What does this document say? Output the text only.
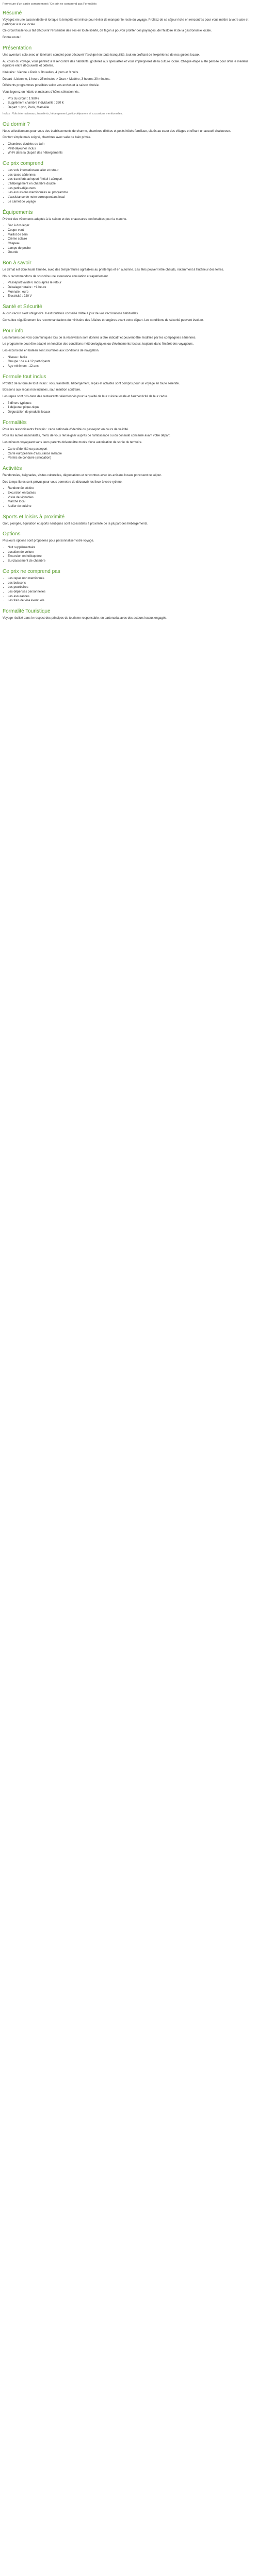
Fermeture d'un partie comprennent / Ce prix ne comprend pas Formalités

Résumé

Voyagez en une saison idéale et lorsque la tempête est mince pour éviter de manquer le reste du voyage. Profitez de ce séjour riche en rencontres pour vous mettre à votre aise et participer à la vie locale.

Ce circuit facile vous fait découvrir l'ensemble des îles en toute liberté, de façon à pouvoir profiter des paysages, de l'histoire et de la gastronomie locale.

Bonne route !

Présentation

Une aventure solo avec un itinéraire complet pour découvrir l'archipel en toute tranquillité, tout en profitant de l'expérience de nos guides locaux.

Au cours du voyage, vous partirez à la rencontre des habitants, goûterez aux spécialités et vous imprégnerez de la culture locale. Chaque étape a été pensée pour offrir le meilleur équilibre entre découverte et détente.

Itinéraire : Vienne > Paris > Bruxelles, 4 jours et 3 nuits.

Départ : Lisbonne, 1 heure 25 minutes > Oran > Madère, 3 heures 30 minutes.

Différents programmes possibles selon vos envies et la saison choisie.

Vous logerez en hôtels et maisons d'hôtes sélectionnés.

• Prix du circuit : 1 980 €
• Supplément chambre individuelle : 320 €
• Départ : Lyon, Paris, Marseille

Inclus : Vols internationaux, transferts, hébergement, petits-déjeuners et excursions mentionnées.

Où dormir ?

Nous sélectionnons pour vous des établissements de charme, chambres d'hôtes et petits hôtels familiaux, situés au cœur des villages et offrant un accueil chaleureux.

Confort simple mais soigné, chambres avec salle de bain privée.

• Chambres doubles ou twin
• Petit-déjeuner inclus
• Wi-Fi dans la plupart des hébergements
Ce prix comprend
• Les vols internationaux aller et retour
• Les taxes aériennes
• Les transferts aéroport / hôtel / aéroport
• L'hébergement en chambre double
• Les petits-déjeuners
• Les excursions mentionnées au programme
• L'assistance de notre correspondant local
• Le carnet de voyage
Équipements

Prévoir des vêtements adaptés à la saison et des chaussures confortables pour la marche.

• Sac à dos léger
• Coupe-vent
• Maillot de bain
• Crème solaire
• Chapeau
• Lampe de poche
• Gourde
Bon à savoir

Le climat est doux toute l'année, avec des températures agréables au printemps et en automne. Les étés peuvent être chauds, notamment à l'intérieur des terres.

Nous recommandons de souscrire une assurance annulation et rapatriement.

• Passeport valide 6 mois après le retour
• Décalage horaire : +1 heure
• Monnaie : euro
• Électricité : 220 V
Santé et Sécurité

Aucun vaccin n'est obligatoire. Il est toutefois conseillé d'être à jour de vos vaccinations habituelles.

Consultez régulièrement les recommandations du ministère des Affaires étrangères avant votre départ. Les conditions de sécurité peuvent évoluer.

Pour info

Les horaires des vols communiqués lors de la réservation sont donnés à titre indicatif et peuvent être modifiés par les compagnies aériennes.

Le programme peut être adapté en fonction des conditions météorologiques ou d'événements locaux, toujours dans l'intérêt des voyageurs.

Les excursions en bateau sont soumises aux conditions de navigation.

• Niveau : facile
• Groupe : de 4 à 12 participants
• Âge minimum : 12 ans
Formule tout inclus

Profitez de la formule tout inclus : vols, transferts, hébergement, repas et activités sont compris pour un voyage en toute sérénité.

Boissons aux repas non incluses, sauf mention contraire.

Les repas sont pris dans des restaurants sélectionnés pour la qualité de leur cuisine locale et l'authenticité de leur cadre.

• 3 dîners typiques
• 1 déjeuner pique-nique
• Dégustation de produits locaux
Formalités

Pour les ressortissants français : carte nationale d'identité ou passeport en cours de validité.

Pour les autres nationalités, merci de vous renseigner auprès de l'ambassade ou du consulat concerné avant votre départ.

Les mineurs voyageant sans leurs parents doivent être munis d'une autorisation de sortie du territoire.

• Carte d'identité ou passeport
• Carte européenne d'assurance maladie
• Permis de conduire (si location)
Activités

Randonnées, baignades, visites culturelles, dégustations et rencontres avec les artisans locaux ponctuent ce séjour.

Des temps libres sont prévus pour vous permettre de découvrir les lieux à votre rythme.

• Randonnée côtière
• Excursion en bateau
• Visite de vignobles
• Marché local
• Atelier de cuisine
Sports et loisirs à proximité

Golf, plongée, équitation et sports nautiques sont accessibles à proximité de la plupart des hébergements.

Options

Plusieurs options sont proposées pour personnaliser votre voyage.

• Nuit supplémentaire
• Location de voiture
• Excursion en hélicoptère
• Surclassement de chambre
Ce prix ne comprend pas
• Les repas non mentionnés
• Les boissons
• Les pourboires
• Les dépenses personnelles
• Les assurances
• Les frais de visa éventuels
Formalité Touristique

Voyage réalisé dans le respect des principes du tourisme responsable, en partenariat avec des acteurs locaux engagés.
